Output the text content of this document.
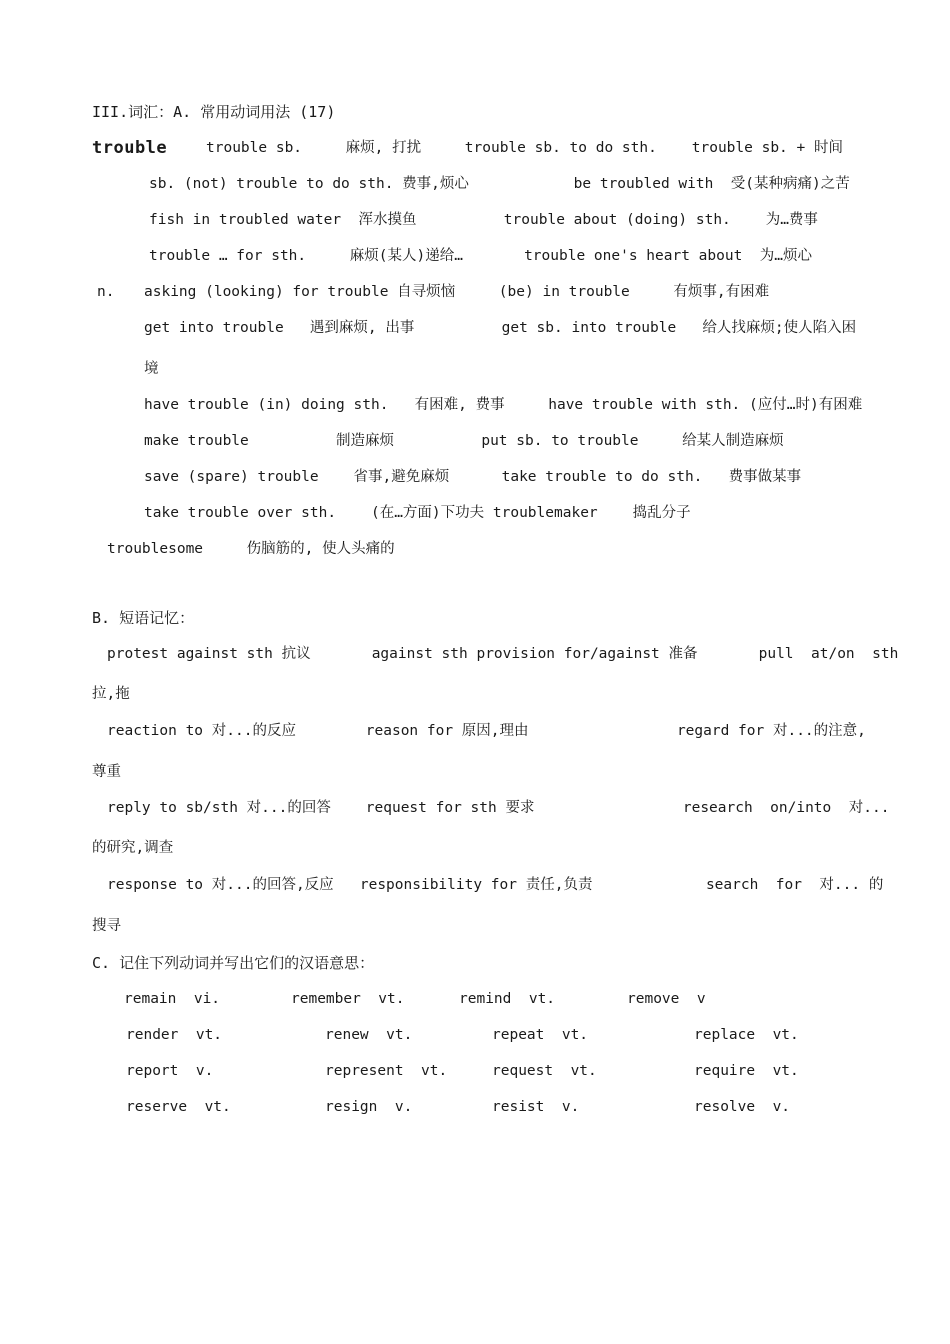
III.词汇：A. 常用动词用法 (17)
trouble	trouble sb.     麻烦, 打扰     trouble sb. to do sth.    trouble sb. + 时间
sb. (not) trouble to do sth. 费事,烦心            be troubled with  受(某种病痛)之苦
fish in troubled water  浑水摸鱼          trouble about (doing) sth.    为…费事
trouble … for sth.     麻烦(某人)递给…       trouble one's heart about  为…烦心
n. asking (looking) for trouble 自寻烦恼     (be) in trouble     有烦事,有困难
get into trouble   遇到麻烦, 出事          get sb. into trouble   给人找麻烦;使人陷入困
境
have trouble (in) doing sth.   有困难, 费事     have trouble with sth. (应付…时)有困难
make trouble          制造麻烦          put sb. to trouble     给某人制造麻烦
save (spare) trouble    省事,避免麻烦      take trouble to do sth.   费事做某事
take trouble over sth.    (在…方面)下功夫 troublemaker    捣乱分子
troublesome     伤脑筋的, 使人头痛的
B. 短语记忆：
protest against sth 抗议       against sth provision for/against 准备       pull  at/on  sth
拉,拖
reaction to 对...的反应        reason for 原因,理由                 regard for 对...的注意,
尊重
reply to sb/sth 对...的回答    request for sth 要求                 research  on/into  对...
的研究,调查
response to 对...的回答,反应   responsibility for 责任,负责             search  for  对... 的
搜寻
C. 记住下列动词并写出它们的汉语意思：
remain  vi.	remember  vt.	remind  vt.	remove  v
render  vt.	renew  vt.	repeat  vt.	replace  vt.
report  v.	represent  vt.	request  vt.	require  vt.
reserve  vt.	resign  v.	resist  v.	resolve  v.
